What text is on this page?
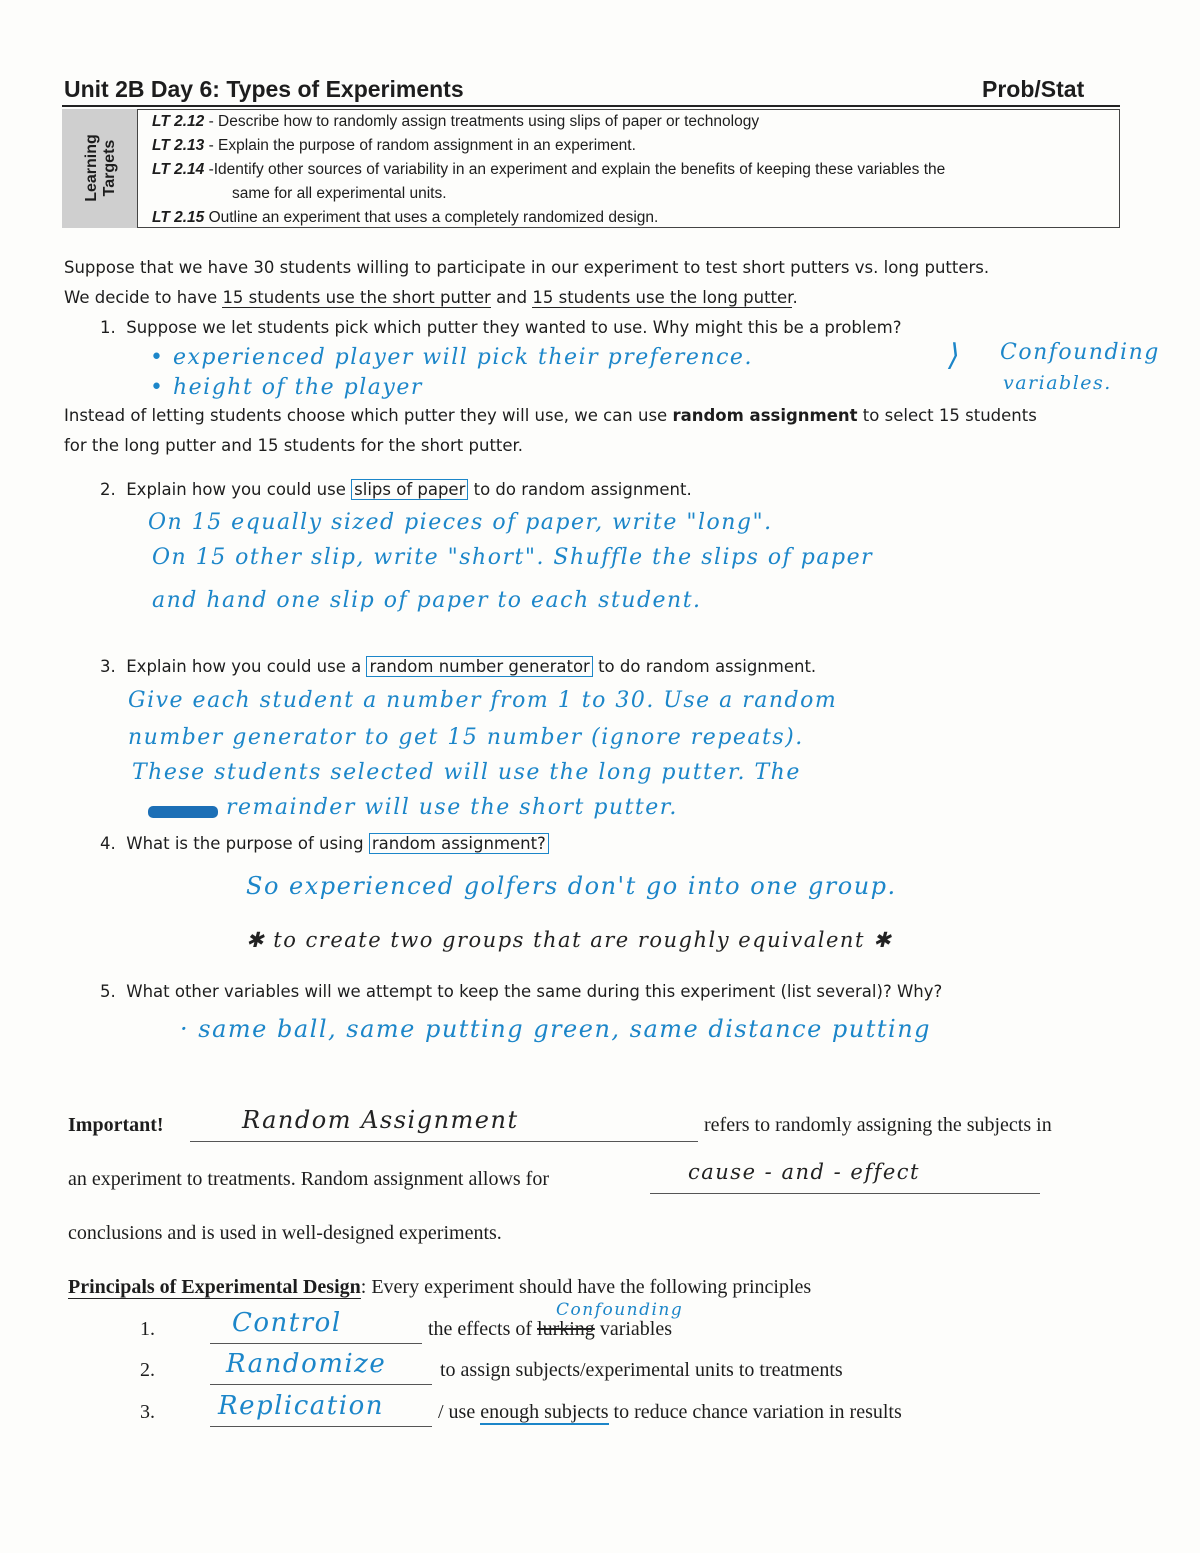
Unit 2B Day 6: Types of Experiments	Prob/Stat
Learning Targets
LT 2.12 - Describe how to randomly assign treatments using slips of paper or technology
LT 2.13 - Explain the purpose of random assignment in an experiment.
LT 2.14 -Identify other sources of variability in an experiment and explain the benefits of keeping these variables the
same for all experimental units.
LT 2.15 Outline an experiment that uses a completely randomized design.
Suppose that we have 30 students willing to participate in our experiment to test short putters vs. long putters.
We decide to have 15 students use the short putter and 15 students use the long putter.
1. Suppose we let students pick which putter they wanted to use. Why might this be a problem?
• experienced player will pick their preference.
• height of the player
⟩ Confounding
variables.
Instead of letting students choose which putter they will use, we can use random assignment to select 15 students
for the long putter and 15 students for the short putter.
2. Explain how you could use slips of paper to do random assignment.
On 15 equally sized pieces of paper, write "long".
On 15 other slip, write "short". Shuffle the slips of paper
and hand one slip of paper to each student.
3. Explain how you could use a random number generator to do random assignment.
Give each student a number from 1 to 30. Use a random
number generator to get 15 number (ignore repeats).
These students selected will use the long putter. The
remainder will use the short putter.
4. What is the purpose of using random assignment?
So experienced golfers don't go into one group.
✱ to create two groups that are roughly equivalent ✱
5. What other variables will we attempt to keep the same during this experiment (list several)? Why?
· same ball, same putting green, same distance putting
Important!	Random Assignment	refers to randomly assigning the subjects in
an experiment to treatments. Random assignment allows for	cause - and - effect
conclusions and is used in well-designed experiments.
Principals of Experimental Design: Every experiment should have the following principles
1.	Control	Confounding
the effects of lurking variables
2.	Randomize	to assign subjects/experimental units to treatments
3. Replication	/ use enough subjects to reduce chance variation in results
